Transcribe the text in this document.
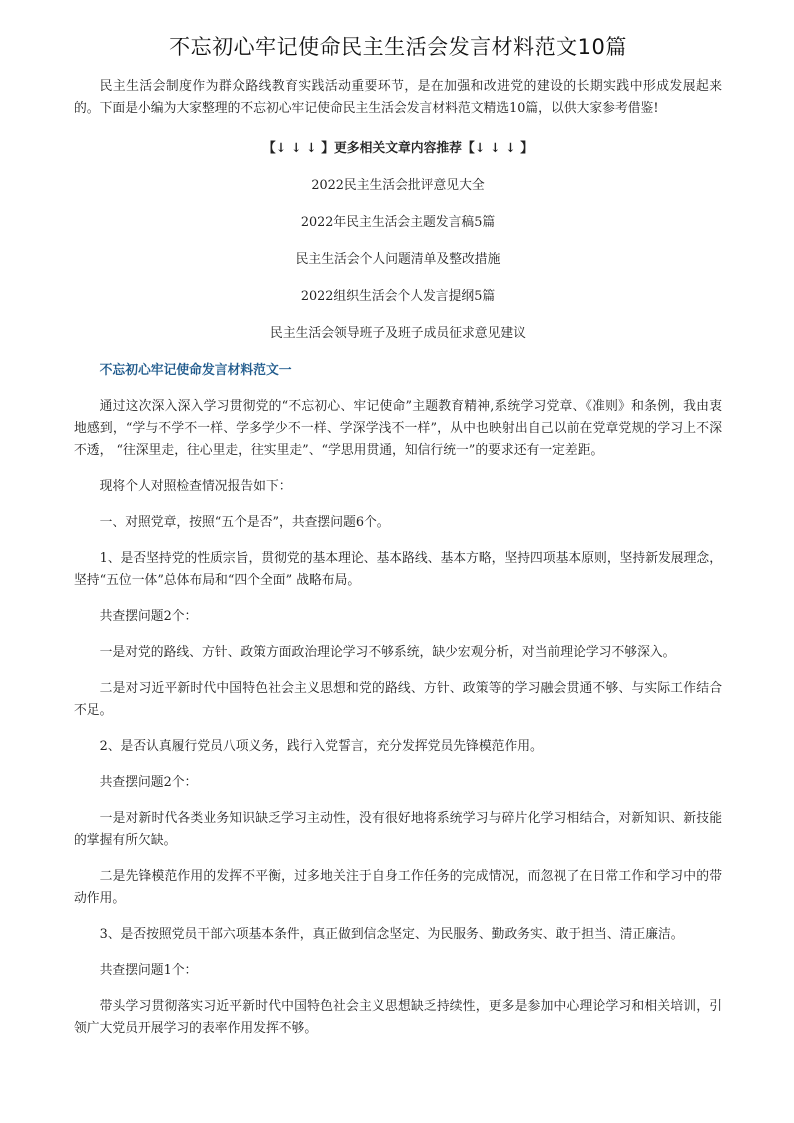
不忘初心牢记使命民主生活会发言材料范文10篇

民主生活会制度作为群众路线教育实践活动重要环节，是在加强和改进党的建设的长期实践中形成发展起来的。下面是小编为大家整理的不忘初心牢记使命民主生活会发言材料范文精选10篇，以供大家参考借鉴!

【↓ ↓ ↓ 】更多相关文章内容推荐【↓ ↓ ↓ 】

2022民主生活会批评意见大全

2022年民主生活会主题发言稿5篇

民主生活会个人问题清单及整改措施

2022组织生活会个人发言提纲5篇

民主生活会领导班子及班子成员征求意见建议

不忘初心牢记使命发言材料范文一

通过这次深入深入学习贯彻党的“不忘初心、牢记使命”主题教育精神,系统学习党章、《准则》和条例，我由衷地感到，“学与不学不一样、学多学少不一样、学深学浅不一样”，从中也映射出自己以前在党章党规的学习上不深不透， “往深里走，往心里走，往实里走”、“学思用贯通，知信行统一”的要求还有一定差距。

现将个人对照检查情况报告如下：

一、对照党章，按照“五个是否”，共查摆问题6个。

1、是否坚持党的性质宗旨，贯彻党的基本理论、基本路线、基本方略，坚持四项基本原则，坚持新发展理念，坚持“五位一体”总体布局和“四个全面” 战略布局。

共查摆问题2个：

一是对党的路线、方针、政策方面政治理论学习不够系统，缺少宏观分析，对当前理论学习不够深入。

二是对习近平新时代中国特色社会主义思想和党的路线、方针、政策等的学习融会贯通不够、与实际工作结合不足。

2、是否认真履行党员八项义务，践行入党誓言，充分发挥党员先锋模范作用。

共查摆问题2个：

一是对新时代各类业务知识缺乏学习主动性，没有很好地将系统学习与碎片化学习相结合，对新知识、新技能的掌握有所欠缺。

二是先锋模范作用的发挥不平衡，过多地关注于自身工作任务的完成情况，而忽视了在日常工作和学习中的带动作用。

3、是否按照党员干部六项基本条件，真正做到信念坚定、为民服务、勤政务实、敢于担当、清正廉洁。

共查摆问题1个：

带头学习贯彻落实习近平新时代中国特色社会主义思想缺乏持续性，更多是参加中心理论学习和相关培训，引领广大党员开展学习的表率作用发挥不够。
